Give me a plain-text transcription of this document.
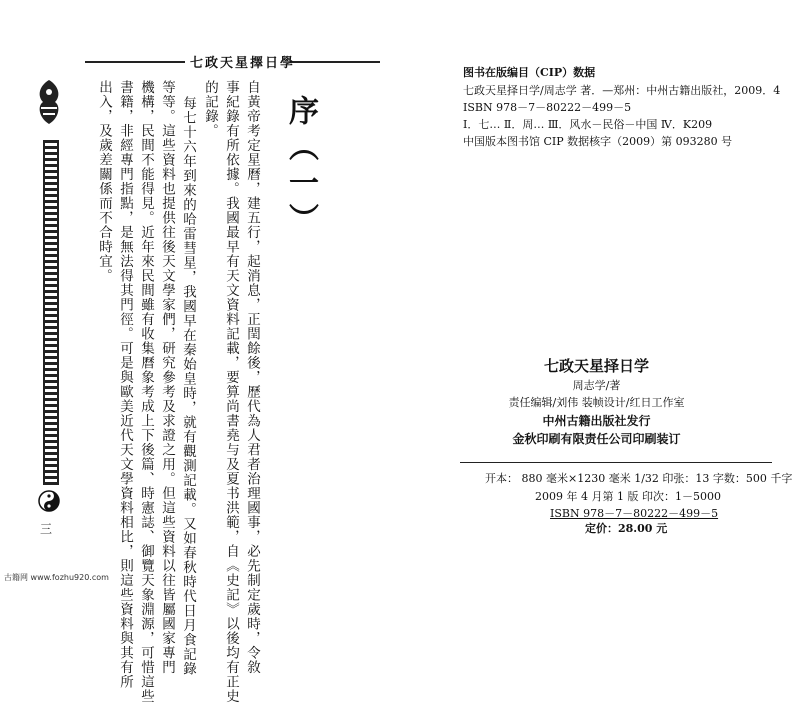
七政天星擇日學
三
序（一）
自黃帝考定星曆，建五行，起消息，正閏餘後，歷代為人君者治理國事，必先制定歲時，令敘
事紀錄有所依據。我國最早有天文資料記載，要算尚書堯与及夏书洪範，自《史記》以後均有正史
的記錄。
每七十六年到來的哈雷彗星，我國早在秦始皇時，就有觀測記載。又如春秋時代日月食記錄
等等。這些資料也提供往後天文學家們，研究參考及求證之用。但這些資料以往皆屬國家專門
機構，民間不能得見。近年來民間雖有收集曆象考成上下後篇、時憲誌、御覽天象淵源，可惜這些
書籍，非經專門指點，是無法得其門徑。可是與歐美近代天文學資料相比，則這些資料與其有所
出入，及歲差關係而不合時宜。
图书在版编目（CIP）数据
七政天星择日学/周志学 著．—郑州：中州古籍出版社，2009．4
ISBN 978－7－80222－499－5
Ⅰ．七… Ⅱ．周… Ⅲ．风水－民俗－中国 Ⅳ．K209
中国版本图书馆 CIP 数据核字（2009）第 093280 号
七政天星择日学
周志学/著
责任编辑/刘伟 装帧设计/红日工作室
中州古籍出版社发行
金秋印刷有限责任公司印刷装订
开本： 880 毫米×1230 毫米 1/32 印张：13 字数：500 千字
2009 年 4 月第 1 版 印次：1－5000
ISBN 978－7－80222－499－5
定价：28.00 元
古籍网 www.fozhu920.com
